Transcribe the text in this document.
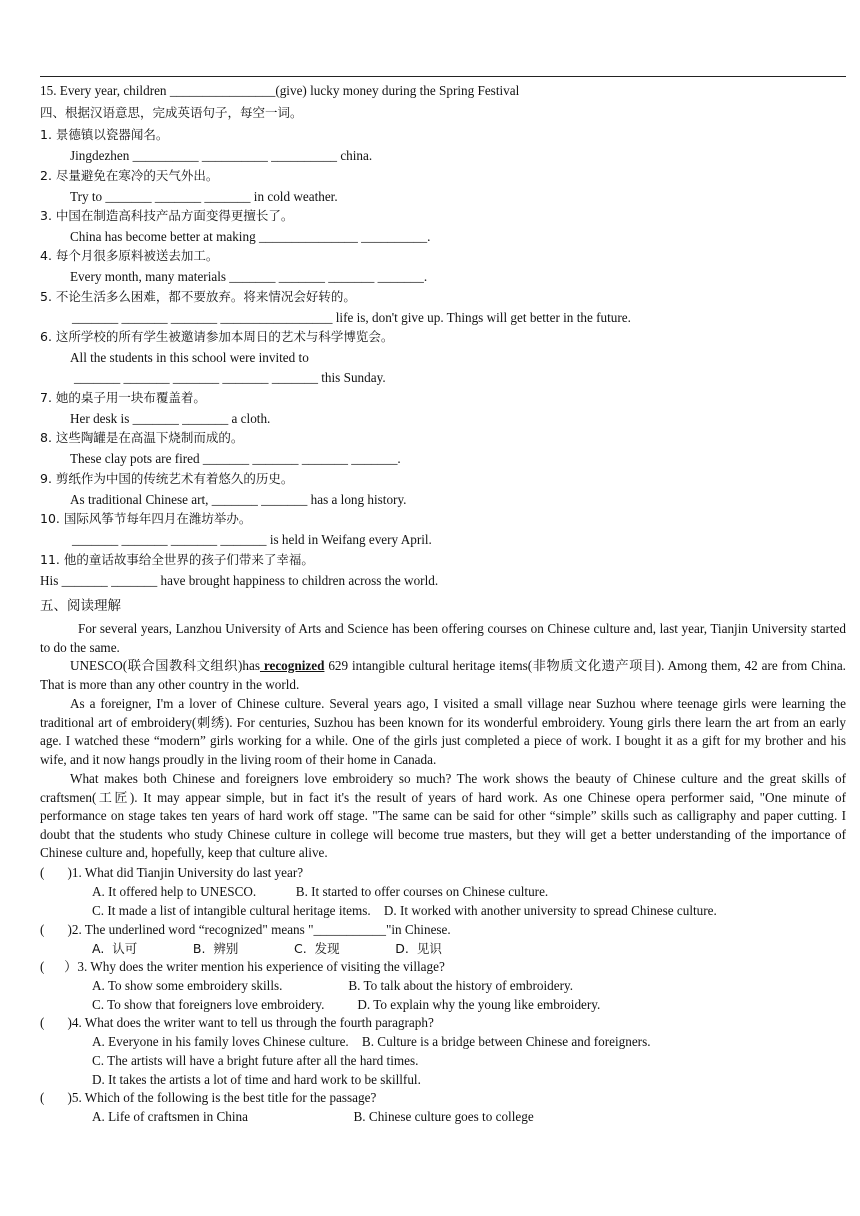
15. Every year, children ________________(give) lucky money during the Spring Festival
四、根据汉语意思，完成英语句子，每空一词。
1. 景德镇以瓷器闻名。
Jingdezhen __________ __________ __________ china.
2. 尽量避免在寒冷的天气外出。
Try to _______ _______ _______ in cold weather.
3. 中国在制造高科技产品方面变得更擅长了。
China has become better at making _______________ __________.
4. 每个月很多原料被送去加工。
Every month, many materials _______ _______ _______ _______.
5. 不论生活多么困难，都不要放弃。将来情况会好转的。
_______ _______ _______ _________________ life is, don't give up. Things will get better in the future.
6. 这所学校的所有学生被邀请参加本周日的艺术与科学博览会。
All the students in this school were invited to
_______ _______ _______ _______ _______ this Sunday.
7. 她的桌子用一块布覆盖着。
Her desk is _______ _______ a cloth.
8. 这些陶罐是在高温下烧制而成的。
These clay pots are fired _______ _______ _______ _______.
9. 剪纸作为中国的传统艺术有着悠久的历史。
As traditional Chinese art, _______ _______ has a long history.
10. 国际风筝节每年四月在潍坊举办。
_______ _______ _______ _______ is held in Weifang every April.
11. 他的童话故事给全世界的孩子们带来了幸福。
His _______ _______ have brought happiness to children across the world.
五、阅读理解

For several years, Lanzhou University of Arts and Science has been offering courses on Chinese culture and, last year, Tianjin University started to do the same.

UNESCO(联合国教科文组织)has recognized 629 intangible cultural heritage items(非物质文化遗产项目). Among them, 42 are from China. That is more than any other country in the world.

As a foreigner, I'm a lover of Chinese culture. Several years ago, I visited a small village near Suzhou where teenage girls were learning the traditional art of embroidery(刺绣). For centuries, Suzhou has been known for its wonderful embroidery. Young girls there learn the art from an early age. I watched these “modern” girls working for a while. One of the girls just completed a piece of work. I bought it as a gift for my brother and his wife, and it now hangs proudly in the living room of their home in Canada.

What makes both Chinese and foreigners love embroidery so much? The work shows the beauty of Chinese culture and the great skills of craftsmen(工匠). It may appear simple, but in fact it's the result of years of hard work. As one Chinese opera performer said, "One minute of performance on stage takes ten years of hard work off stage. "The same can be said for other “simple” skills such as calligraphy and paper cutting. I doubt that the students who study Chinese culture in college will become true masters, but they will get a better understanding of the importance of Chinese culture and, hopefully, keep that culture alive.

(       )1. What did Tianjin University do last year?
A. It offered help to UNESCO.            B. It started to offer courses on Chinese culture.
C. It made a list of intangible cultural heritage items.    D. It worked with another university to spread Chinese culture.
(       )2. The underlined word “recognized" means "___________"in Chinese.
A.  认可              B.  辨别              C.  发现              D.  见识
(      ）3. Why does the writer mention his experience of visiting the village?
A. To show some embroidery skills.                    B. To talk about the history of embroidery.
C. To show that foreigners love embroidery.          D. To explain why the young like embroidery.
(       )4. What does the writer want to tell us through the fourth paragraph?
A. Everyone in his family loves Chinese culture.    B. Culture is a bridge between Chinese and foreigners.
C. The artists will have a bright future after all the hard times.
D. It takes the artists a lot of time and hard work to be skillful.
(       )5. Which of the following is the best title for the passage?
A. Life of craftsmen in China                                B. Chinese culture goes to college
